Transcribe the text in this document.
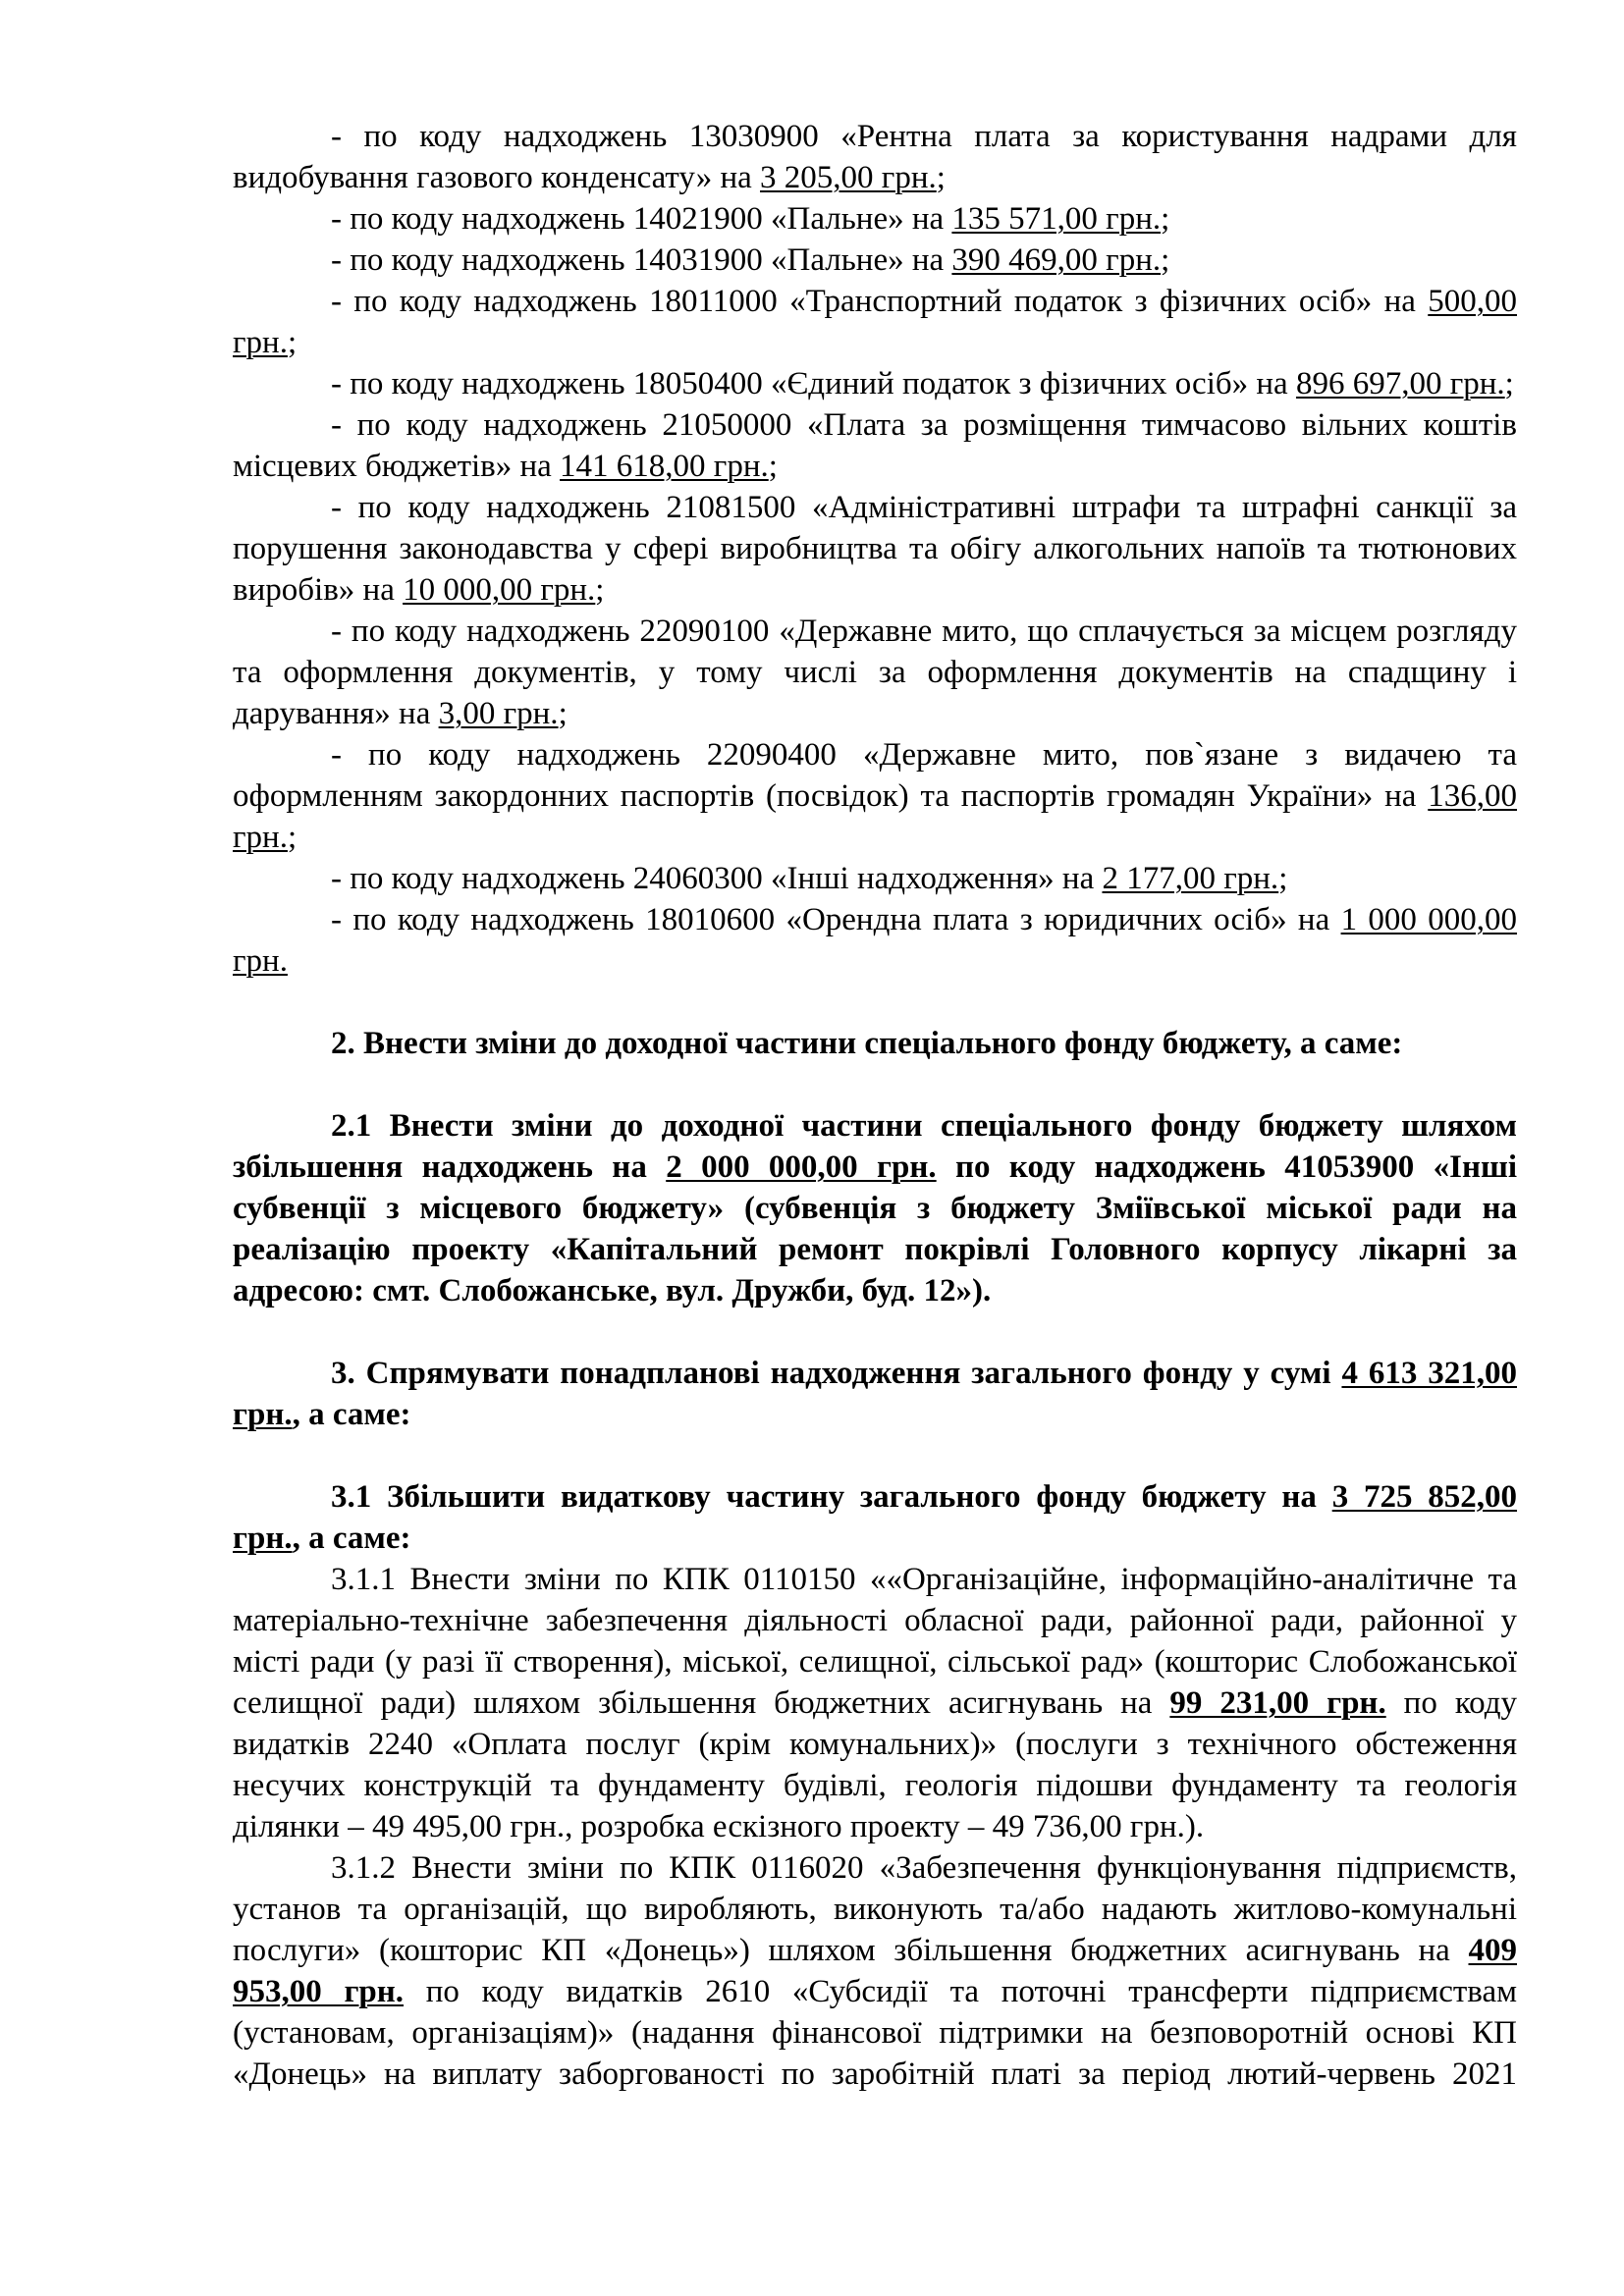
- по коду надходжень 13030900 «Рентна плата за користування надрами для видобування газового конденсату» на 3 205,00 грн.;

- по коду надходжень 14021900 «Пальне» на 135 571,00 грн.;

- по коду надходжень 14031900 «Пальне» на 390 469,00 грн.;

- по коду надходжень 18011000 «Транспортний податок з фізичних осіб» на 500,00 грн.;

- по коду надходжень 18050400 «Єдиний податок з фізичних осіб» на 896 697,00 грн.;

- по коду надходжень 21050000 «Плата за розміщення тимчасово вільних коштів місцевих бюджетів» на 141 618,00 грн.;

- по коду надходжень 21081500 «Адміністративні штрафи та штрафні санкції за порушення законодавства у сфері виробництва та обігу алкогольних напоїв та тютюнових виробів» на 10 000,00 грн.;

- по коду надходжень 22090100 «Державне мито, що сплачується за місцем розгляду та оформлення документів, у тому числі за оформлення документів на спадщину і дарування» на 3,00 грн.;

- по коду надходжень 22090400 «Державне мито, пов`язане з видачею та оформленням закордонних паспортів (посвідок) та паспортів громадян України» на 136,00 грн.;

- по коду надходжень 24060300 «Інші надходження» на 2 177,00 грн.;

- по коду надходжень 18010600 «Орендна плата з юридичних осіб» на 1 000 000,00 грн.

2. Внести зміни до доходної частини спеціального фонду бюджету, а саме:

2.1 Внести зміни до доходної частини спеціального фонду бюджету шляхом збільшення надходжень на 2 000 000,00 грн. по коду надходжень 41053900 «Інші субвенції з місцевого бюджету» (субвенція з бюджету Зміївської міської ради на реалізацію проекту «Капітальний ремонт покрівлі Головного корпусу лікарні за адресою: смт. Слобожанське, вул. Дружби, буд. 12»).

3. Спрямувати понадпланові надходження загального фонду у сумі 4 613 321,00 грн., а саме:

3.1 Збільшити видаткову частину загального фонду бюджету на 3 725 852,00 грн., а саме:

3.1.1 Внести зміни по КПК 0110150 ««Організаційне, інформаційно-аналітичне та матеріально-технічне забезпечення діяльності обласної ради, районної ради, районної у місті ради (у разі її створення), міської, селищної, сільської рад» (кошторис Слобожанської селищної ради) шляхом збільшення бюджетних асигнувань на 99 231,00 грн. по коду видатків 2240 «Оплата послуг (крім комунальних)» (послуги з технічного обстеження несучих конструкцій та фундаменту будівлі, геологія підошви фундаменту та геологія ділянки – 49 495,00 грн., розробка ескізного проекту – 49 736,00 грн.).

3.1.2 Внести зміни по КПК 0116020 «Забезпечення функціонування підприємств, установ та організацій, що виробляють, виконують та/або надають житлово-комунальні послуги» (кошторис КП «Донець») шляхом збільшення бюджетних асигнувань на 409 953,00 грн. по коду видатків 2610 «Субсидії та поточні трансферти підприємствам (установам, організаціям)» (надання фінансової підтримки на безповоротній основі КП «Донець» на виплату заборгованості по заробітній платі за період лютий-червень 2021
